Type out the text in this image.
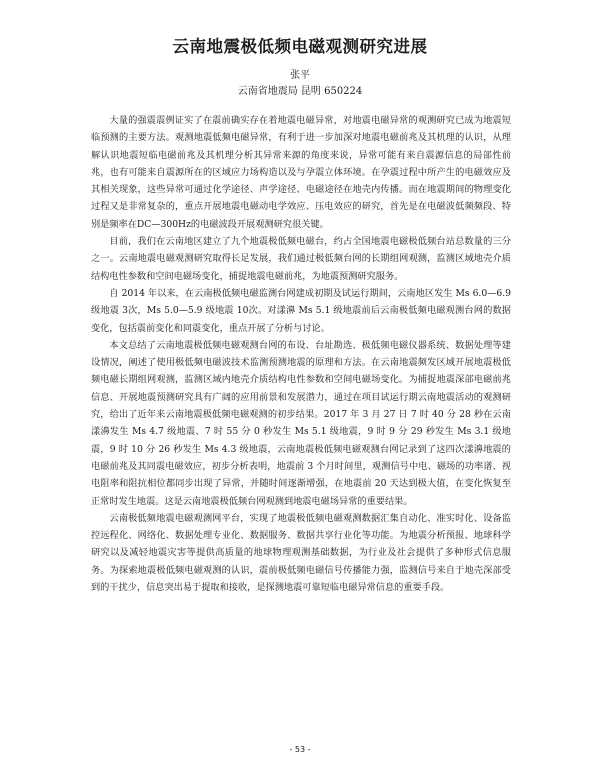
云南地震极低频电磁观测研究进展
张平
云南省地震局 昆明 650224

大量的强震震例证实了在震前确实存在着地震电磁异常，对地震电磁异常的观测研究已成为地震短临预测的主要方法。观测地震低频电磁异常，有利于进一步加深对地震电磁前兆及其机理的认识，从理解认识地震短临电磁前兆及其机理分析其异常来源的角度来说，异常可能有来自震源信息的局部性前兆，也有可能来自震源所在的区域应力场构造以及与孕震立体环境。在孕震过程中所产生的电磁效应及其相关现象，这些异常可通过化学途径、声学途径、电磁途径在地壳内传播。而在地震期间的物理变化过程又是非常复杂的，重点开展地震电磁动电学效应、压电效应的研究，首先是在电磁波低频频段、特别是频率在DC—300Hz的电磁波段开展观测研究很关键。

目前，我们在云南地区建立了九个地震极低频电磁台，约占全国地震电磁极低频台站总数量的三分之一。云南地震电磁观测研究取得长足发展，我们通过极低频台网的长期组网观测，监测区域地壳介质结构电性参数和空间电磁场变化，捕捉地震电磁前兆，为地震预测研究服务。

自 2014 年以来，在云南极低频电磁监测台网建成初期及试运行期间，云南地区发生 Ms 6.0—6.9 级地震 3次，Ms 5.0—5.9 级地震 10次。对漾濞 Ms 5.1 级地震前后云南极低频电磁观测台网的数据变化，包括震前变化和同震变化，重点开展了分析与讨论。

本文总结了云南地震极低频电磁观测台网的布设、台址勘选、极低频电磁仪器系统、数据处理等建设情况，阐述了使用极低频电磁波技术监测预测地震的原理和方法。在云南地震频发区域开展地震极低频电磁长期组网观测，监测区域内地壳介质结构电性参数和空间电磁场变化。为捕捉地震深部电磁前兆信息、开展地震预测研究具有广阔的应用前景和发展潜力，通过在项目试运行期云南地震活动的观测研究，给出了近年来云南地震极低频电磁观测的初步结果。2017 年 3 月 27 日 7 时 40 分 28 秒在云南漾濞发生 Ms 4.7 级地震、7 时 55 分 0 秒发生 Ms 5.1 级地震，9 时 9 分 29 秒发生 Ms 3.1 级地震，9 时 10 分 26 秒发生 Ms 4.3 级地震，云南地震极低频电磁观测台网记录到了这四次漾濞地震的电磁前兆及其同震电磁效应，初步分析表明，地震前 3 个月时间里，观测信号中电、磁场的功率谱、视电阻率和阻抗相位都同步出现了异常，并随时间逐渐增强，在地震前 20 天达到极大值，在变化恢复至正常时发生地震。这是云南地震极低频台网观测到地震电磁场异常的重要结果。

云南极低频地震电磁观测网平台，实现了地震极低频电磁观测数据汇集自动化、准实时化、设备监控远程化、网络化、数据处理专业化、数据服务、数据共享行业化等功能。为地震分析预报、地球科学研究以及减轻地震灾害等提供高质量的地球物理观测基础数据，为行业及社会提供了多种形式信息服务。为探索地震极低频电磁观测的认识，震前极低频电磁信号传播能力强，监测信号来自于地壳深部受到的干扰少，信息突出易于提取和接收，是探测地震可靠短临电磁异常信息的重要手段。

- 53 -
